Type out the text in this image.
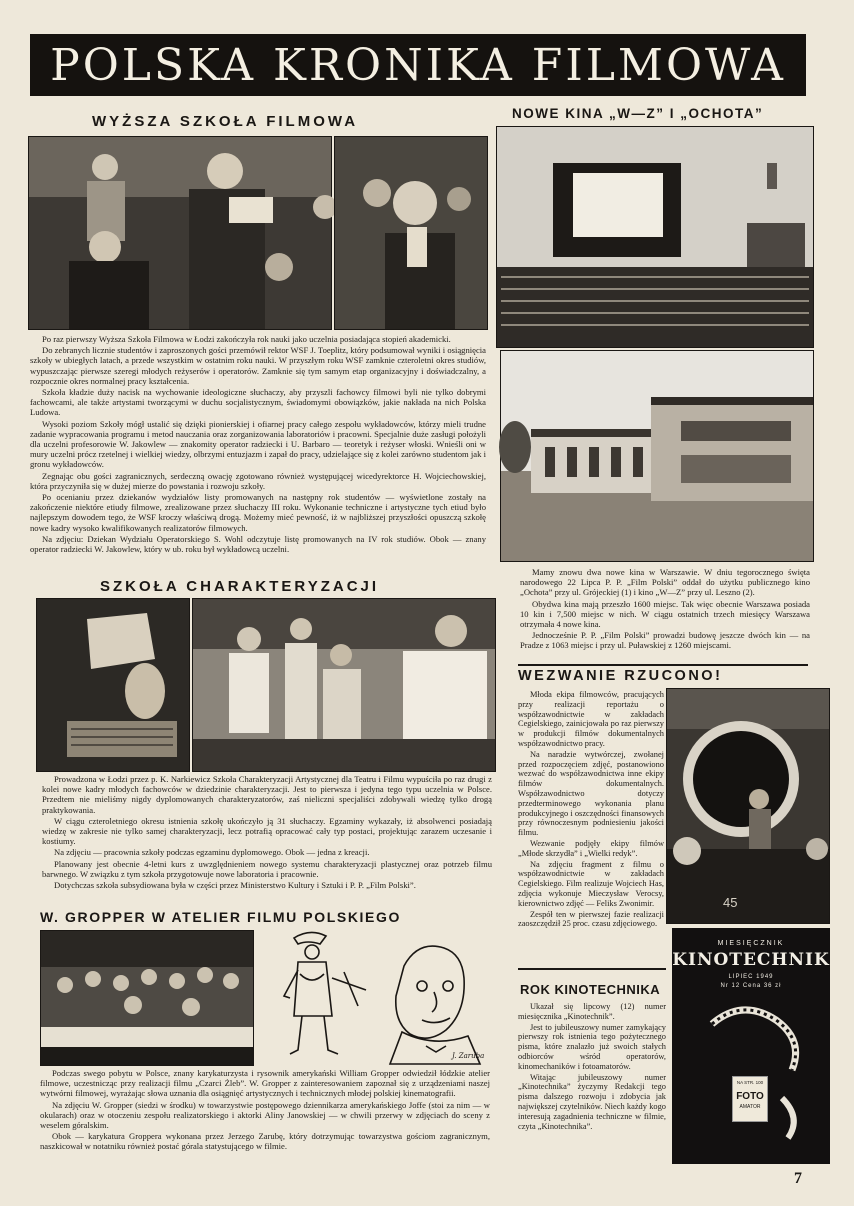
POLSKA KRONIKA FILMOWA
WYŻSZA SZKOŁA FILMOWA

Po raz pierwszy Wyższa Szkoła Filmowa w Łodzi zakończyła rok nauki jako uczelnia posiadająca stopień akademicki.

Do zebranych licznie studentów i zaproszonych gości przemówił rektor WSF J. Toeplitz, który podsumował wyniki i osiągnięcia szkoły w ubiegłych latach, a przede wszystkim w ostatnim roku nauki. W przyszłym roku WSF zamknie czteroletni okres studiów, wypuszczając pierwsze szeregi młodych reżyserów i operatorów. Zamknie się tym samym etap organizacyjny i doświadczalny, a rozpocznie okres normalnej pracy kształcenia.

Szkoła kładzie duży nacisk na wychowanie ideologiczne słuchaczy, aby przyszli fachowcy filmowi byli nie tylko dobrymi fachowcami, ale także artystami tworzącymi w duchu socjalistycznym, świadomymi obowiązków, jakie nakłada na nich Polska Ludowa.

Wysoki poziom Szkoły mógł ustalić się dzięki pionierskiej i ofiarnej pracy całego zespołu wykładowców, którzy mieli trudne zadanie wypracowania programu i metod nauczania oraz zorganizowania laboratoriów i pracowni. Specjalnie duże zasługi położyli dla uczelni profesorowie W. Jakowlew — znakomity operator radziecki i U. Barbaro — teoretyk i reżyser włoski. Wnieśli oni w mury uczelni prócz rzetelnej i wielkiej wiedzy, olbrzymi entuzjazm i zapał do pracy, udzielające się z kolei zarówno studentom jak i gronu wykładowców.

Zegnając obu gości zagranicznych, serdeczną owację zgotowano również występującej wicedyrektorce H. Wojciechowskiej, która przyczyniła się w dużej mierze do powstania i rozwoju szkoły.

Po ocenianiu przez dziekanów wydziałów listy promowanych na następny rok studentów — wyświetlone zostały na zakończenie niektóre etiudy filmowe, zrealizowane przez słuchaczy III roku. Wykonanie techniczne i artystyczne tych etiud było najlepszym dowodem tego, że WSF kroczy właściwą drogą. Możemy mieć pewność, iż w najbliższej przyszłości opuszczą szkołę nowe kadry wysoko kwalifikowanych realizatorów filmowych.

Na zdjęciu: Dziekan Wydziału Operatorskiego S. Wohl odczytuje listę promowanych na IV rok studiów. Obok — znany operator radziecki W. Jakowlew, który w ub. roku był wykładowcą uczelni.

NOWE KINA „W—Z” I „OCHOTA”

Mamy znowu dwa nowe kina w Warszawie. W dniu tegorocznego święta narodowego 22 Lipca P. P. „Film Polski” oddał do użytku publicznego kino „Ochota” przy ul. Grójeckiej (1) i kino „W—Z” przy ul. Leszno (2).

Obydwa kina mają przeszło 1600 miejsc. Tak więc obecnie Warszawa posiada 10 kin i 7,500 miejsc w nich. W ciągu ostatnich trzech miesięcy Warszawa otrzymała 4 nowe kina.

Jednocześnie P. P. „Film Polski” prowadzi budowę jeszcze dwóch kin — na Pradze z 1063 miejsc i przy ul. Puławskiej z 1260 miejscami.

SZKOŁA CHARAKTERYZACJI

Prowadzona w Łodzi przez p. K. Narkiewicz Szkoła Charakteryzacji Artystycznej dla Teatru i Filmu wypuściła po raz drugi z kolei nowe kadry młodych fachowców w dziedzinie charakteryzacji. Jest to pierwsza i jedyna tego typu uczelnia w Polsce. Przedtem nie mieliśmy nigdy dyplomowanych charakteryzatorów, zaś nieliczni specjaliści zdobywali wiedzę tylko drogą praktykowania.

W ciągu czteroletniego okresu istnienia szkołę ukończyło ją 31 słuchaczy. Egzaminy wykazały, iż absolwenci posiadają wiedzę w zakresie nie tylko samej charakteryzacji, lecz potrafią opracować cały typ postaci, projektując zarazem uczesanie i kostiumy.

Na zdjęciu — pracownia szkoły podczas egzaminu dyplomowego. Obok — jedna z kreacji.

Planowany jest obecnie 4-letni kurs z uwzględnieniem nowego systemu charakteryzacji plastycznej oraz potrzeb filmu barwnego. W związku z tym szkoła przygotowuje nowe laboratoria i pracownie.

Dotychczas szkoła subsydiowana była w części przez Ministerstwo Kultury i Sztuki i P. P. „Film Polski”.

WEZWANIE RZUCONO!

Młoda ekipa filmowców, pracujących przy realizacji reportażu o współzawodnictwie w zakładach Cegielskiego, zainicjowała po raz pierwszy w produkcji filmów dokumentalnych współzawodnictwo pracy.

Na naradzie wytwórczej, zwołanej przed rozpoczęciem zdjęć, postanowiono wezwać do współzawodnictwa inne ekipy filmów dokumentalnych. Współzawodnictwo dotyczy przedterminowego wykonania planu produkcyjnego i oszczędności finansowych przy równoczesnym podniesieniu jakości filmu.

Wezwanie podjęły ekipy filmów „Młode skrzydła” i „Wielki redyk”.

Na zdjęciu fragment z filmu o współzawodnictwie w zakładach Cegielskiego. Film realizuje Wojciech Has, zdjęcia wykonuje Mieczysław Verocsy, kierownictwo zdjęć — Feliks Zwonimir.

Zespół ten w pierwszej fazie realizacji zaoszczędził 25 proc. czasu zdjęciowego.

45
W. GROPPER W ATELIER FILMU POLSKIEGO
J. Zaruba

Podczas swego pobytu w Polsce, znany karykaturzysta i rysownik amerykański William Gropper odwiedził łódzkie atelier filmowe, uczestnicząc przy realizacji filmu „Czarci Żleb”. W. Gropper z zainteresowaniem zapoznał się z urządzeniami naszej wytwórni filmowej, wyrażając słowa uznania dla osiągnięć artystycznych i technicznych młodej polskiej kinematografii.

Na zdjęciu W. Gropper (siedzi w środku) w towarzystwie postępowego dziennikarza amerykańskiego Joffe (stoi za nim — w okularach) oraz w otoczeniu zespołu realizatorskiego i aktorki Aliny Janowskiej — w chwili przerwy w zdjęciach do sceny z weselem góralskim.

Obok — karykatura Groppera wykonana przez Jerzego Zarubę, który dotrzymując towarzystwa gościom zagranicznym, naszkicował w notatniku również postać górala statystującego w filmie.

ROK KINOTECHNIKA

Ukazał się lipcowy (12) numer miesięcznika „Kinotechnik”.

Jest to jubileuszowy numer zamykający pierwszy rok istnienia tego pożytecznego pisma, które znalazło już swoich stałych odbiorców wśród operatorów, kinomechaników i fotoamatorów.

Witając jubileuszowy numer „Kinotechnika” życzymy Redakcji tego pisma dalszego rozwoju i zdobycia jak największej czytelników. Niech każdy kogo interesują zagadnienia techniczne w filmie, czyta „Kinotechnika”.

MIESIĘCZNIK
KINOTECHNIK
LIPIEC 1949
Nr 12 Cena 36 zł
NA STR. 100
FOTO
AMATOR
7
